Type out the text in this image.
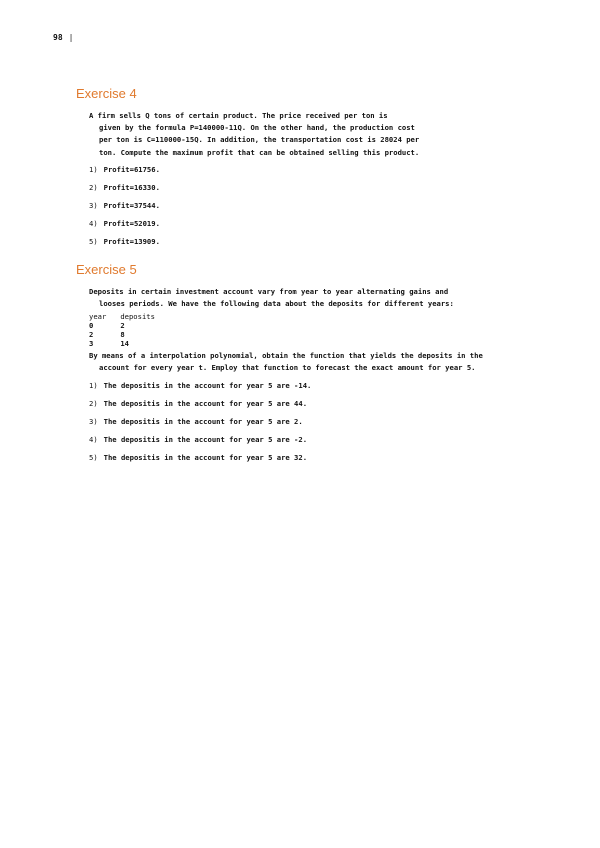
98 |
Exercise 4

A firm sells Q tons of certain product. The price received per ton is

given by the formula P=140000-11Q. On the other hand, the production cost

per ton is C=110000-15Q. In addition, the transportation cost is 28024 per

ton. Compute the maximum profit that can be obtained selling this product.

1) Profit=61756.
2) Profit=16330.
3) Profit=37544.
4) Profit=52019.
5) Profit=13909.
Exercise 5

Deposits in certain investment account vary from year to year alternating gains and

looses periods. We have the following data about the deposits for different years:

year	deposits
0	2
2	8
3	14

By means of a interpolation polynomial, obtain the function that yields the deposits in the

account for every year t. Employ that function to forecast the exact amount for year 5.

1) The depositis in the account for year 5 are -14.
2) The depositis in the account for year 5 are 44.
3) The depositis in the account for year 5 are 2.
4) The depositis in the account for year 5 are -2.
5) The depositis in the account for year 5 are 32.
